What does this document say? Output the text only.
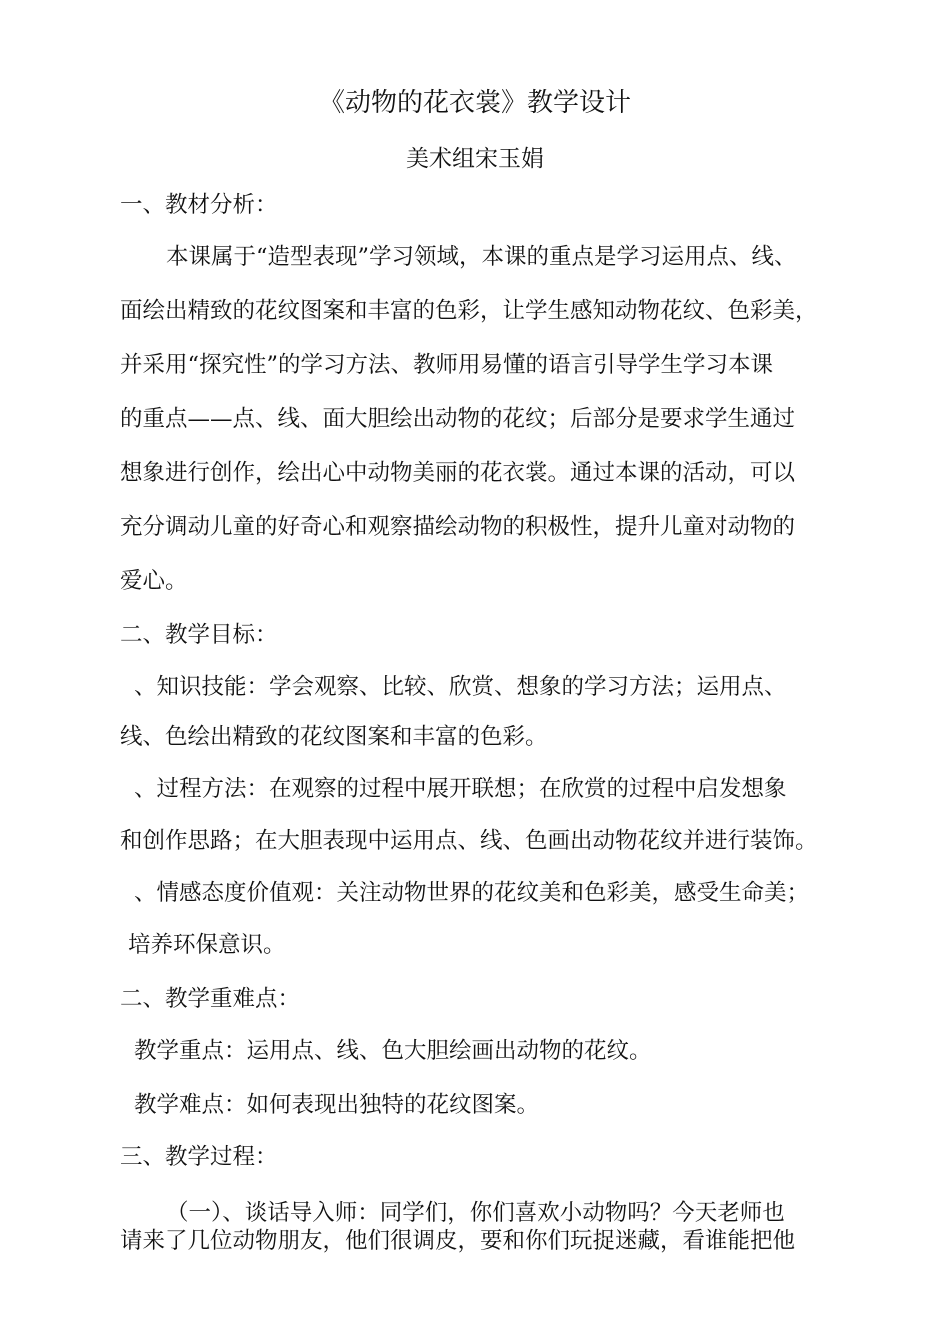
《动物的花衣裳》教学设计
美术组宋玉娟
一、教材分析：
本课属于“造型表现”学习领域，本课的重点是学习运用点、线、
面绘出精致的花纹图案和丰富的色彩，让学生感知动物花纹、色彩美，
并采用“探究性”的学习方法、教师用易懂的语言引导学生学习本课
的重点——点、线、面大胆绘出动物的花纹；后部分是要求学生通过
想象进行创作，绘出心中动物美丽的花衣裳。通过本课的活动，可以
充分调动儿童的好奇心和观察描绘动物的积极性，提升儿童对动物的
爱心。
二、教学目标：
、知识技能：学会观察、比较、欣赏、想象的学习方法；运用点、
线、色绘出精致的花纹图案和丰富的色彩。
、过程方法：在观察的过程中展开联想；在欣赏的过程中启发想象
和创作思路；在大胆表现中运用点、线、色画出动物花纹并进行装饰。
、情感态度价值观：关注动物世界的花纹美和色彩美，感受生命美；
培养环保意识。
二、教学重难点：
教学重点：运用点、线、色大胆绘画出动物的花纹。
教学难点：如何表现出独特的花纹图案。
三、教学过程：
（一）、谈话导入师：同学们，你们喜欢小动物吗？今天老师也
请来了几位动物朋友，他们很调皮，要和你们玩捉迷藏，看谁能把他
